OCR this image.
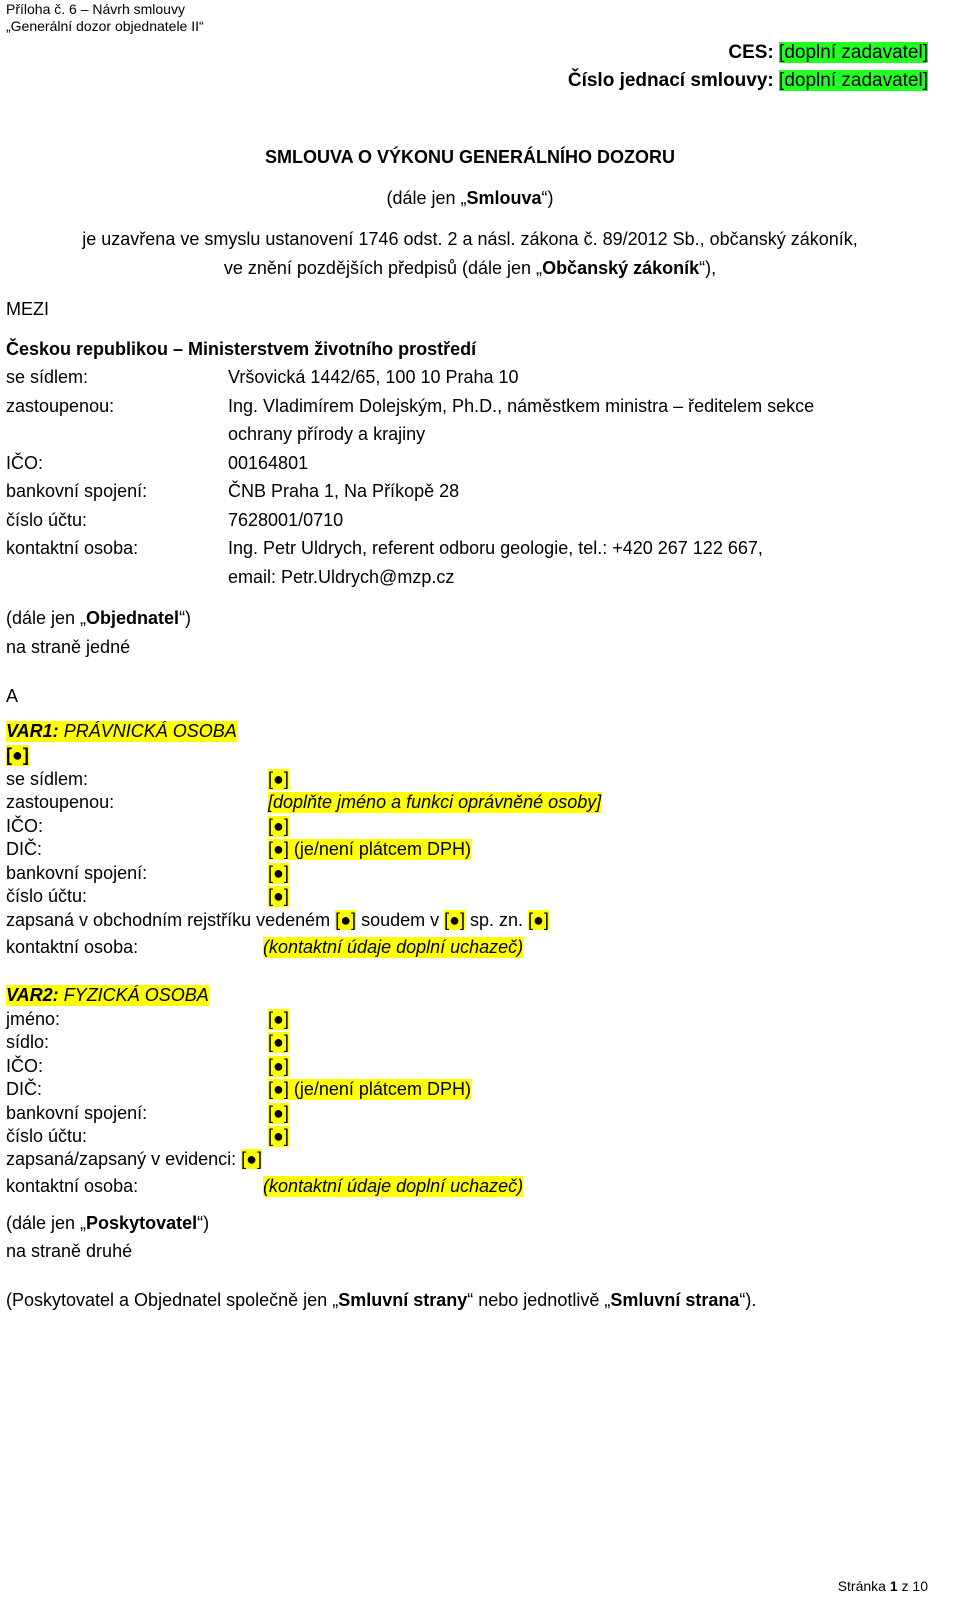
Příloha č. 6 – Návrh smlouvy
„Generální dozor objednatele II“
CES: [doplní zadavatel]
Číslo jednací smlouvy: [doplní zadavatel]
SMLOUVA O VÝKONU GENERÁLNÍHO DOZORU
(dále jen „Smlouva“)
je uzavřena ve smyslu ustanovení 1746 odst. 2 a násl. zákona č. 89/2012 Sb., občanský zákoník,
ve znění pozdějších předpisů (dále jen „Občanský zákoník“),
MEZI
Českou republikou – Ministerstvem životního prostředí
se sídlem:	Vršovická 1442/65, 100 10 Praha 10
zastoupenou:	Ing. Vladimírem Dolejským, Ph.D., náměstkem ministra – ředitelem sekce
ochrany přírody a krajiny
IČO:	00164801
bankovní spojení:	ČNB Praha 1, Na Příkopě 28
číslo účtu:	7628001/0710
kontaktní osoba:	Ing. Petr Uldrych, referent odboru geologie, tel.: +420 267 122 667,
email: Petr.Uldrych@mzp.cz
(dále jen „Objednatel“)
na straně jedné
A
VAR1: PRÁVNICKÁ OSOBA
[●]
se sídlem:	[●]
zastoupenou:	[doplňte jméno a funkci oprávněné osoby]
IČO:	[●]
DIČ:	[●] (je/není plátcem DPH)
bankovní spojení:	[●]
číslo účtu:	[●]
zapsaná v obchodním rejstříku vedeném [●] soudem v [●] sp. zn. [●]
kontaktní osoba:	(kontaktní údaje doplní uchazeč)
VAR2: FYZICKÁ OSOBA
jméno:	[●]
sídlo:	[●]
IČO:	[●]
DIČ:	[●] (je/není plátcem DPH)
bankovní spojení:	[●]
číslo účtu:	[●]
zapsaná/zapsaný v evidenci: [●]
kontaktní osoba:	(kontaktní údaje doplní uchazeč)
(dále jen „Poskytovatel“)
na straně druhé
(Poskytovatel a Objednatel společně jen „Smluvní strany“ nebo jednotlivě „Smluvní strana“).
Stránka 1 z 10
